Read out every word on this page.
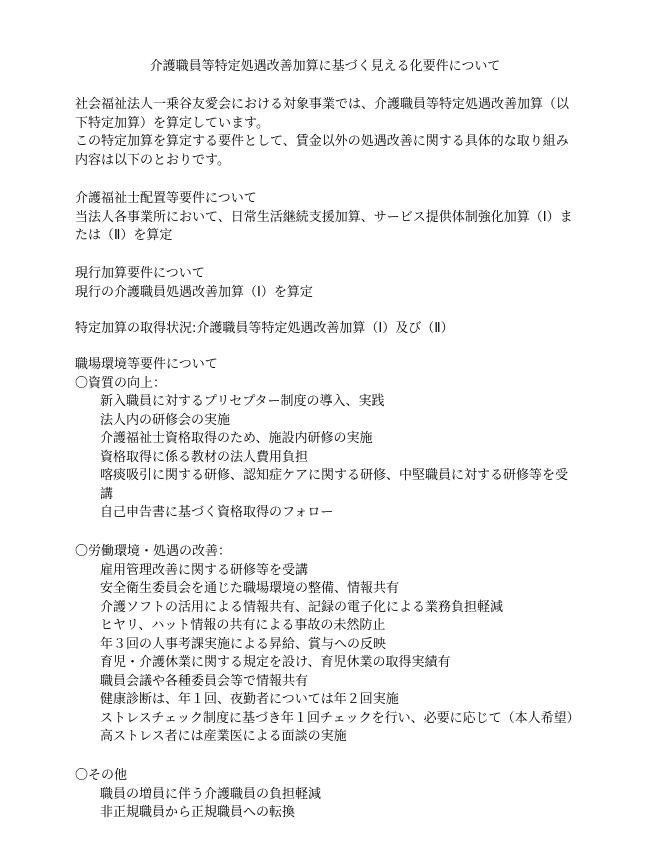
介護職員等特定処遇改善加算に基づく見える化要件について

社会福祉法人一乗谷友愛会における対象事業では、介護職員等特定処遇改善加算（以下特定加算）を算定しています。

この特定加算を算定する要件として、賃金以外の処遇改善に関する具体的な取り組み内容は以下のとおりです。

介護福祉士配置等要件について

当法人各事業所において、日常生活継続支援加算、サービス提供体制強化加算（Ⅰ）または（Ⅱ）を算定

現行加算要件について

現行の介護職員処遇改善加算（Ⅰ）を算定

特定加算の取得状況:介護職員等特定処遇改善加算（Ⅰ）及び（Ⅱ）

職場環境等要件について

〇資質の向上：

新入職員に対するプリセプター制度の導入、実践

法人内の研修会の実施

介護福祉士資格取得のため、施設内研修の実施

資格取得に係る教材の法人費用負担

喀痰吸引に関する研修、認知症ケアに関する研修、中堅職員に対する研修等を受講

自己申告書に基づく資格取得のフォロー

〇労働環境・処遇の改善：

雇用管理改善に関する研修等を受講

安全衛生委員会を通じた職場環境の整備、情報共有

介護ソフトの活用による情報共有、記録の電子化による業務負担軽減

ヒヤリ、ハット情報の共有による事故の未然防止

年３回の人事考課実施による昇給、賞与への反映

育児・介護休業に関する規定を設け、育児休業の取得実績有

職員会議や各種委員会等で情報共有

健康診断は、年１回、夜勤者については年２回実施

ストレスチェック制度に基づき年１回チェックを行い、必要に応じて（本人希望）高ストレス者には産業医による面談の実施

〇その他

職員の増員に伴う介護職員の負担軽減

非正規職員から正規職員への転換
